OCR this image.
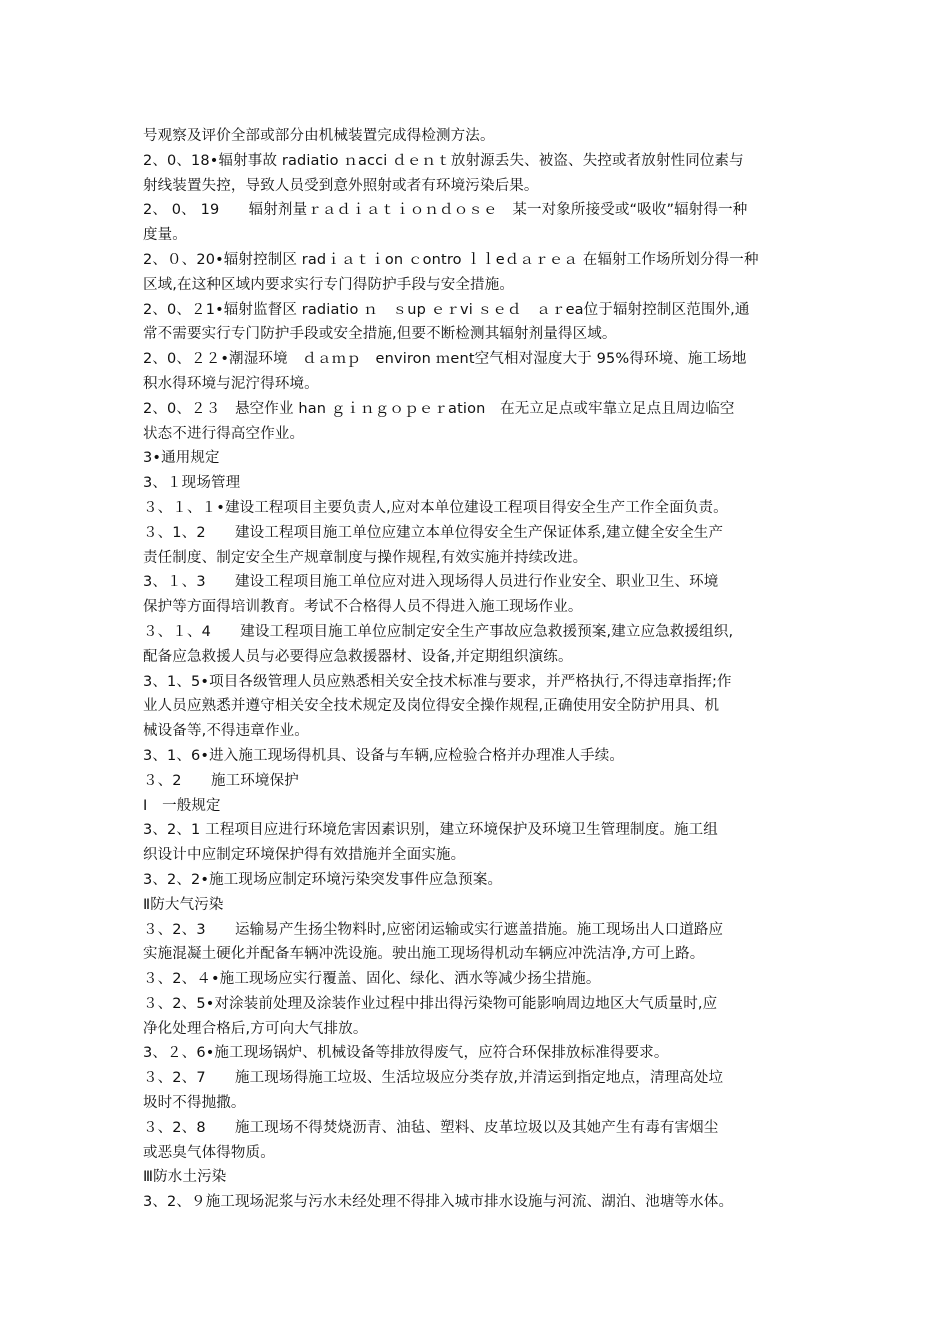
号观察及评价全部或部分由机械装置完成得检测方法。
2、0、18•辐射事故 radiatio ｎacci ｄｅｎｔ放射源丢失、被盗、失控或者放射性同位素与
射线装置失控，导致人员受到意外照射或者有环境污染后果。
2、 0、 19　　辐射剂量ｒａｄｉａｔｉｏｎｄｏｓｅ　某一对象所接受或“吸收”辐射得一种
度量。
2、０、20•辐射控制区 radｉａｔｉon ｃontro ｌｌeｄａｒｅａ 在辐射工作场所划分得一种
区域,在这种区域内要求实行专门得防护手段与安全措施。
2、0、２1•辐射监督区 radiatio ｎ　ｓup ｅｒvi ｓｅｄ　ａｒea位于辐射控制区范围外,通
常不需要实行专门防护手段或安全措施,但要不断检测其辐射剂量得区域。
2、0、２２•潮湿环境　ｄａｍｐ　environ ｍent空气相对湿度大于 95%得环境、施工场地
积水得环境与泥泞得环境。
2、0、２３　悬空作业 han ｇｉｎｇｏｐｅｒation　在无立足点或牢靠立足点且周边临空
状态不进行得高空作业。
3•通用规定
3、１现场管理
３、１、１•建设工程项目主要负责人,应对本单位建设工程项目得安全生产工作全面负责。
３、1、2　　建设工程项目施工单位应建立本单位得安全生产保证体系,建立健全安全生产
责任制度、制定安全生产规章制度与操作规程,有效实施并持续改进。
3、１、3　　建设工程项目施工单位应对进入现场得人员进行作业安全、职业卫生、环境
保护等方面得培训教育。考试不合格得人员不得进入施工现场作业。
３、１、4　　建设工程项目施工单位应制定安全生产事故应急救援预案,建立应急救援组织,
配备应急救援人员与必要得应急救援器材、设备,并定期组织演练。
3、1、5•项目各级管理人员应熟悉相关安全技术标准与要求，并严格执行,不得违章指挥;作
业人员应熟悉并遵守相关安全技术规定及岗位得安全操作规程,正确使用安全防护用具、机
械设备等,不得违章作业。
3、1、6•进入施工现场得机具、设备与车辆,应检验合格并办理准人手续。
３、2　　施工环境保护
Ⅰ　一般规定
3、2、1 工程项目应进行环境危害因素识别，建立环境保护及环境卫生管理制度。施工组
织设计中应制定环境保护得有效措施并全面实施。
3、2、2•施工现场应制定环境污染突发事件应急预案。
Ⅱ防大气污染
３、2、3　　运输易产生扬尘物料时,应密闭运输或实行遮盖措施。施工现场出人口道路应
实施混凝土硬化并配备车辆冲洗设施。驶出施工现场得机动车辆应冲洗洁净,方可上路。
３、2、４•施工现场应实行覆盖、固化、绿化、洒水等减少扬尘措施。
３、2、5•对涂装前处理及涂装作业过程中排出得污染物可能影响周边地区大气质量时,应
净化处理合格后,方可向大气排放。
3、２、6•施工现场锅炉、机械设备等排放得废气，应符合环保排放标准得要求。
３、2、7　　施工现场得施工垃圾、生活垃圾应分类存放,并清运到指定地点，清理高处垃
圾时不得抛撒。
３、2、8　　施工现场不得焚烧沥青、油毡、塑料、皮革垃圾以及其她产生有毒有害烟尘
或恶臭气体得物质。
Ⅲ防水土污染
3、2、９施工现场泥浆与污水未经处理不得排入城市排水设施与河流、湖泊、池塘等水体。
